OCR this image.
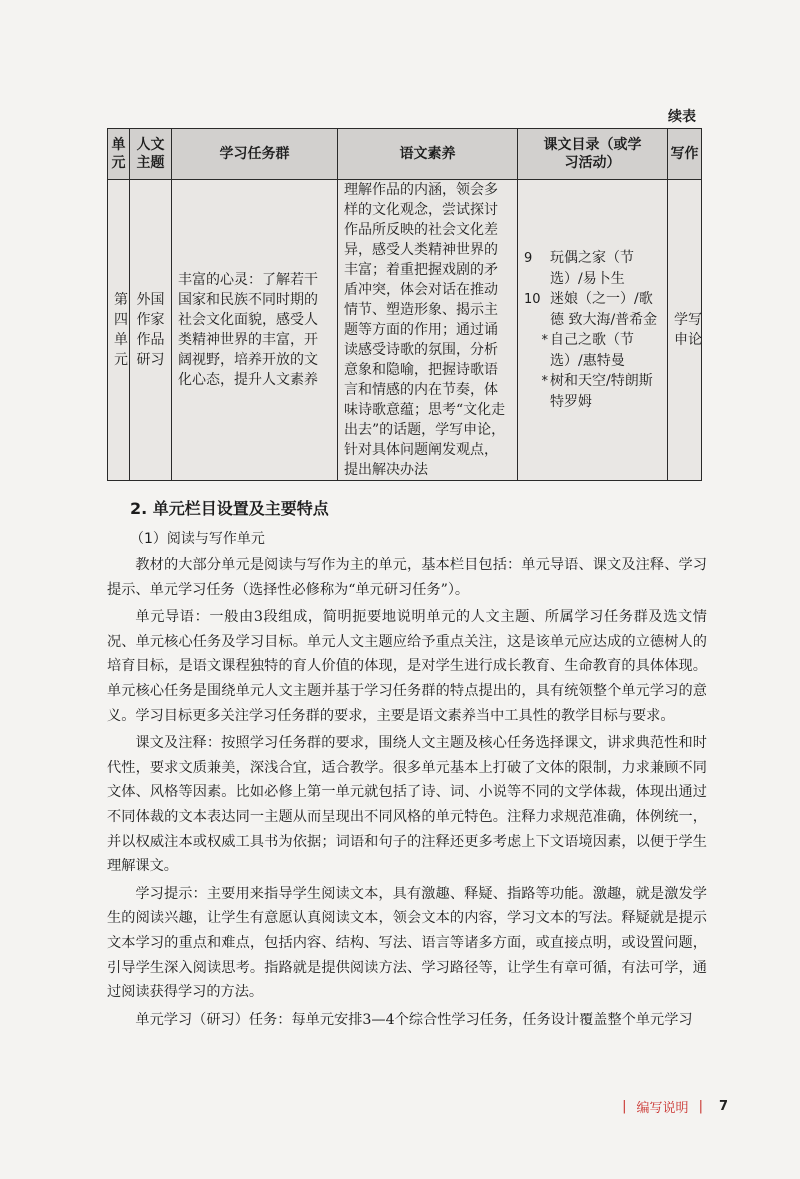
续表
单元	人文主题	学习任务群	语文素养	课文目录（或学习活动）	写作

第四单元	外国作家作品研习	丰富的心灵：了解若干国家和民族不同时期的社会文化面貌，感受人类精神世界的丰富，开阔视野，培养开放的文化心态，提升人文素养	理解作品的内涵，领会多样的文化观念，尝试探讨作品所反映的社会文化差异，感受人类精神世界的丰富；着重把握戏剧的矛盾冲突，体会对话在推动情节、塑造形象、揭示主题等方面的作用；通过诵读感受诗歌的氛围，分析意象和隐喻，把握诗歌语言和情感的内在节奏，体味诗歌意蕴；思考“文化走出去”的话题，学写申论，针对具体问题阐发观点，提出解决办法	9 玩偶之家（节选）/易卜生
10 迷娘（之一）/歌德 致大海/普希金
* 自己之歌（节选）/惠特曼
* 树和天空/特朗斯特罗姆	学写申论
2. 单元栏目设置及主要特点
（1）阅读与写作单元

教材的大部分单元是阅读与写作为主的单元，基本栏目包括：单元导语、课文及注释、学习提示、单元学习任务（选择性必修称为“单元研习任务”）。

单元导语：一般由3段组成，简明扼要地说明单元的人文主题、所属学习任务群及选文情况、单元核心任务及学习目标。单元人文主题应给予重点关注，这是该单元应达成的立德树人的培育目标，是语文课程独特的育人价值的体现，是对学生进行成长教育、生命教育的具体体现。单元核心任务是围绕单元人文主题并基于学习任务群的特点提出的，具有统领整个单元学习的意义。学习目标更多关注学习任务群的要求，主要是语文素养当中工具性的教学目标与要求。

课文及注释：按照学习任务群的要求，围绕人文主题及核心任务选择课文，讲求典范性和时代性，要求文质兼美，深浅合宜，适合教学。很多单元基本上打破了文体的限制，力求兼顾不同文体、风格等因素。比如必修上第一单元就包括了诗、词、小说等不同的文学体裁，体现出通过不同体裁的文本表达同一主题从而呈现出不同风格的单元特色。注释力求规范准确，体例统一，并以权威注本或权威工具书为依据；词语和句子的注释还更多考虑上下文语境因素，以便于学生理解课文。

学习提示：主要用来指导学生阅读文本，具有激趣、释疑、指路等功能。激趣，就是激发学生的阅读兴趣，让学生有意愿认真阅读文本，领会文本的内容，学习文本的写法。释疑就是提示文本学习的重点和难点，包括内容、结构、写法、语言等诸多方面，或直接点明，或设置问题，引导学生深入阅读思考。指路就是提供阅读方法、学习路径等，让学生有章可循，有法可学，通过阅读获得学习的方法。

单元学习（研习）任务：每单元安排3—4个综合性学习任务，任务设计覆盖整个单元学习

| 编写说明 | 7
